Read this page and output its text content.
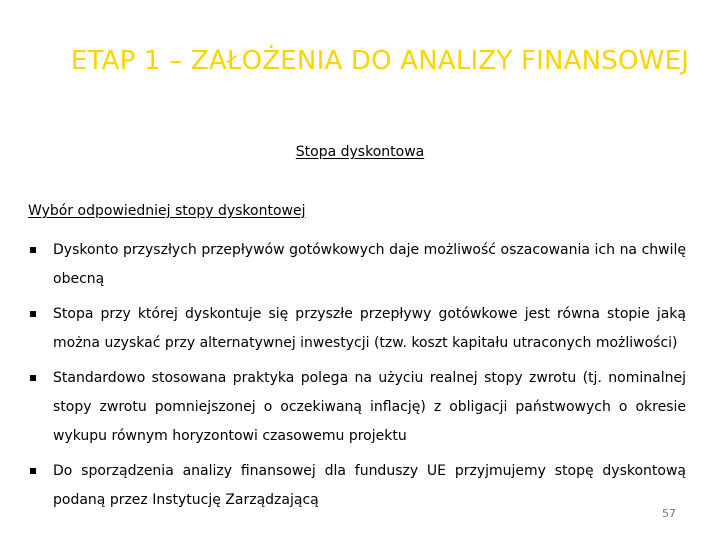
ETAP 1 – ZAŁOŻENIA DO ANALIZY FINANSOWEJ
Stopa dyskontowa
Wybór odpowiedniej stopy dyskontowej
Dyskonto przyszłych przepływów gotówkowych daje możliwość oszacowania ich na chwilę obecną
Stopa przy której dyskontuje się przyszłe przepływy gotówkowe jest równa stopie jaką można uzyskać przy alternatywnej inwestycji (tzw. koszt kapitału utraconych możliwości)
Standardowo stosowana praktyka polega na użyciu realnej stopy zwrotu (tj. nominalnej stopy zwrotu pomniejszonej o oczekiwaną inflację) z obligacji państwowych o okresie wykupu równym horyzontowi czasowemu projektu
Do sporządzenia analizy finansowej dla funduszy UE przyjmujemy stopę dyskontową podaną przez Instytucję Zarządzającą
57
